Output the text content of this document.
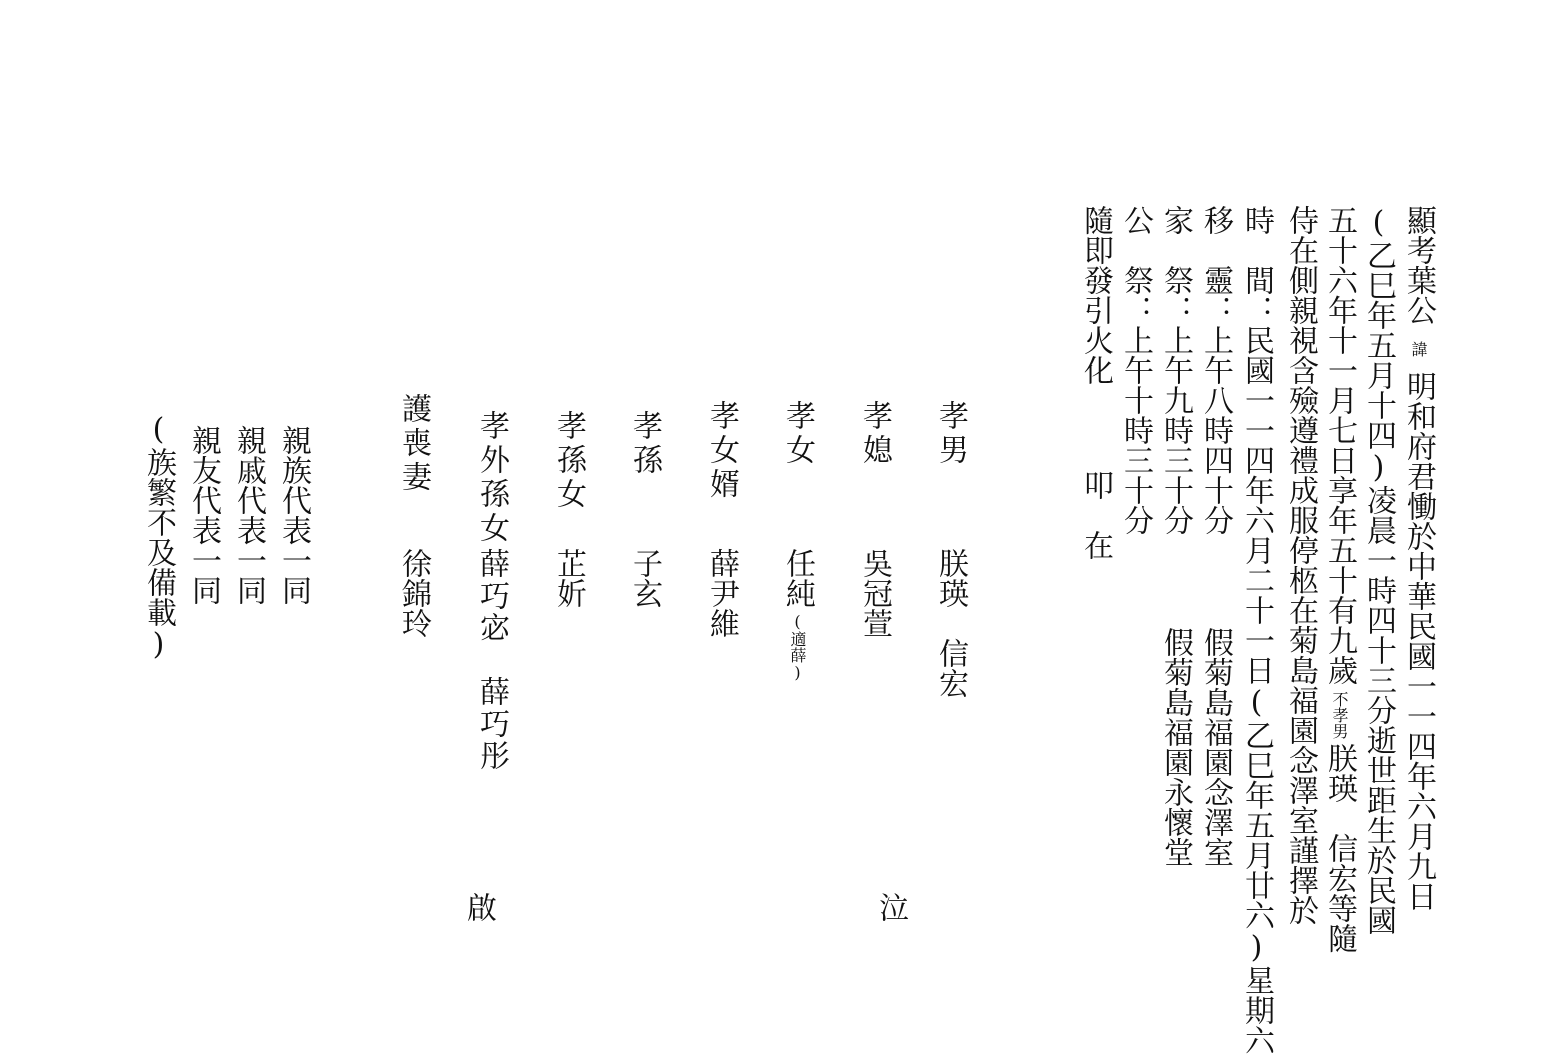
顯考葉公諱明和府君慟於中華民國一一四年六月九日
(乙巳年五月十四)凌晨一時四十三分逝世距生於民國
五十六年十一月七日享年五十有九歲不孝男朕瑛　信宏等隨
侍在側親視含殮遵禮成服停柩在菊島福園念澤室謹擇於
時　間：民國一一四年六月二十一日(乙巳年五月廿六)星期六
移　靈：上午八時四十分
假菊島福園念澤室
家　祭：上午九時三十分
假菊島福園永懷堂
公　祭：上午十時三十分
隨即發引火化
叩　在
孝男
朕瑛　信宏
孝媳
吳冠萱
孝女
任純(適薛)
孝女婿
薛尹維
孝孫
子玄
孝孫女
芷妡
孝外孫女
薛巧宓　薛巧彤
護喪妻
徐錦玲
泣
啟
親族代表一同
親戚代表一同
親友代表一同
(族繁不及備載)
